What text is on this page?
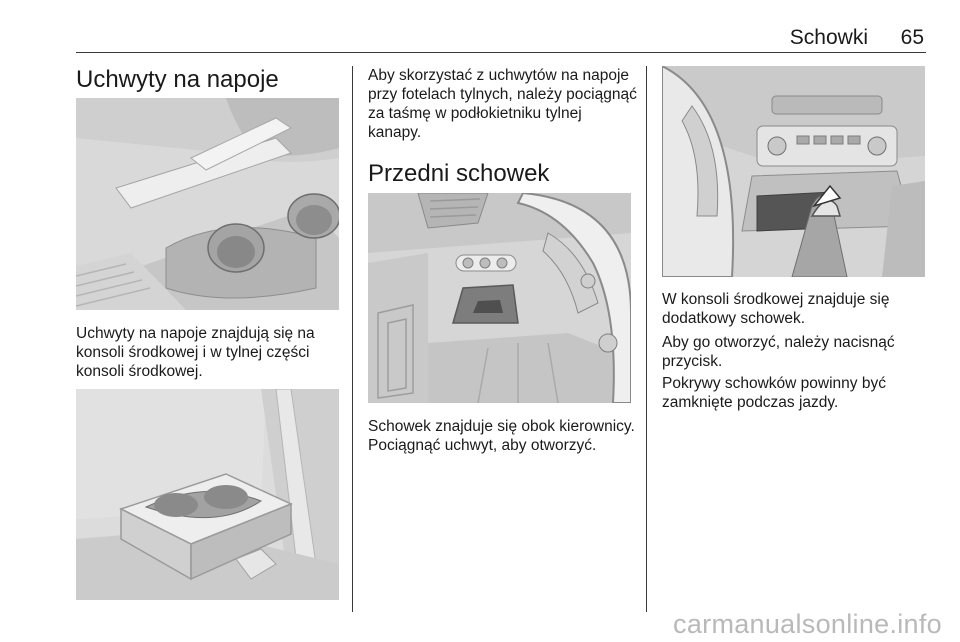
Schowki 65
Uchwyty na napoje

Uchwyty na napoje znajdują się na konsoli środkowej i w tylnej części konsoli środkowej.

Aby skorzystać z uchwytów na napoje przy fotelach tylnych, należy pociągnąć za taśmę w podłokietniku tylnej kanapy.

Przedni schowek

Schowek znajduje się obok kierownicy. Pociągnąć uchwyt, aby otworzyć.

W konsoli środkowej znajduje się dodatkowy schowek.

Aby go otworzyć, należy nacisnąć przycisk.

Pokrywy schowków powinny być zamknięte podczas jazdy.

carmanualsonline.info
